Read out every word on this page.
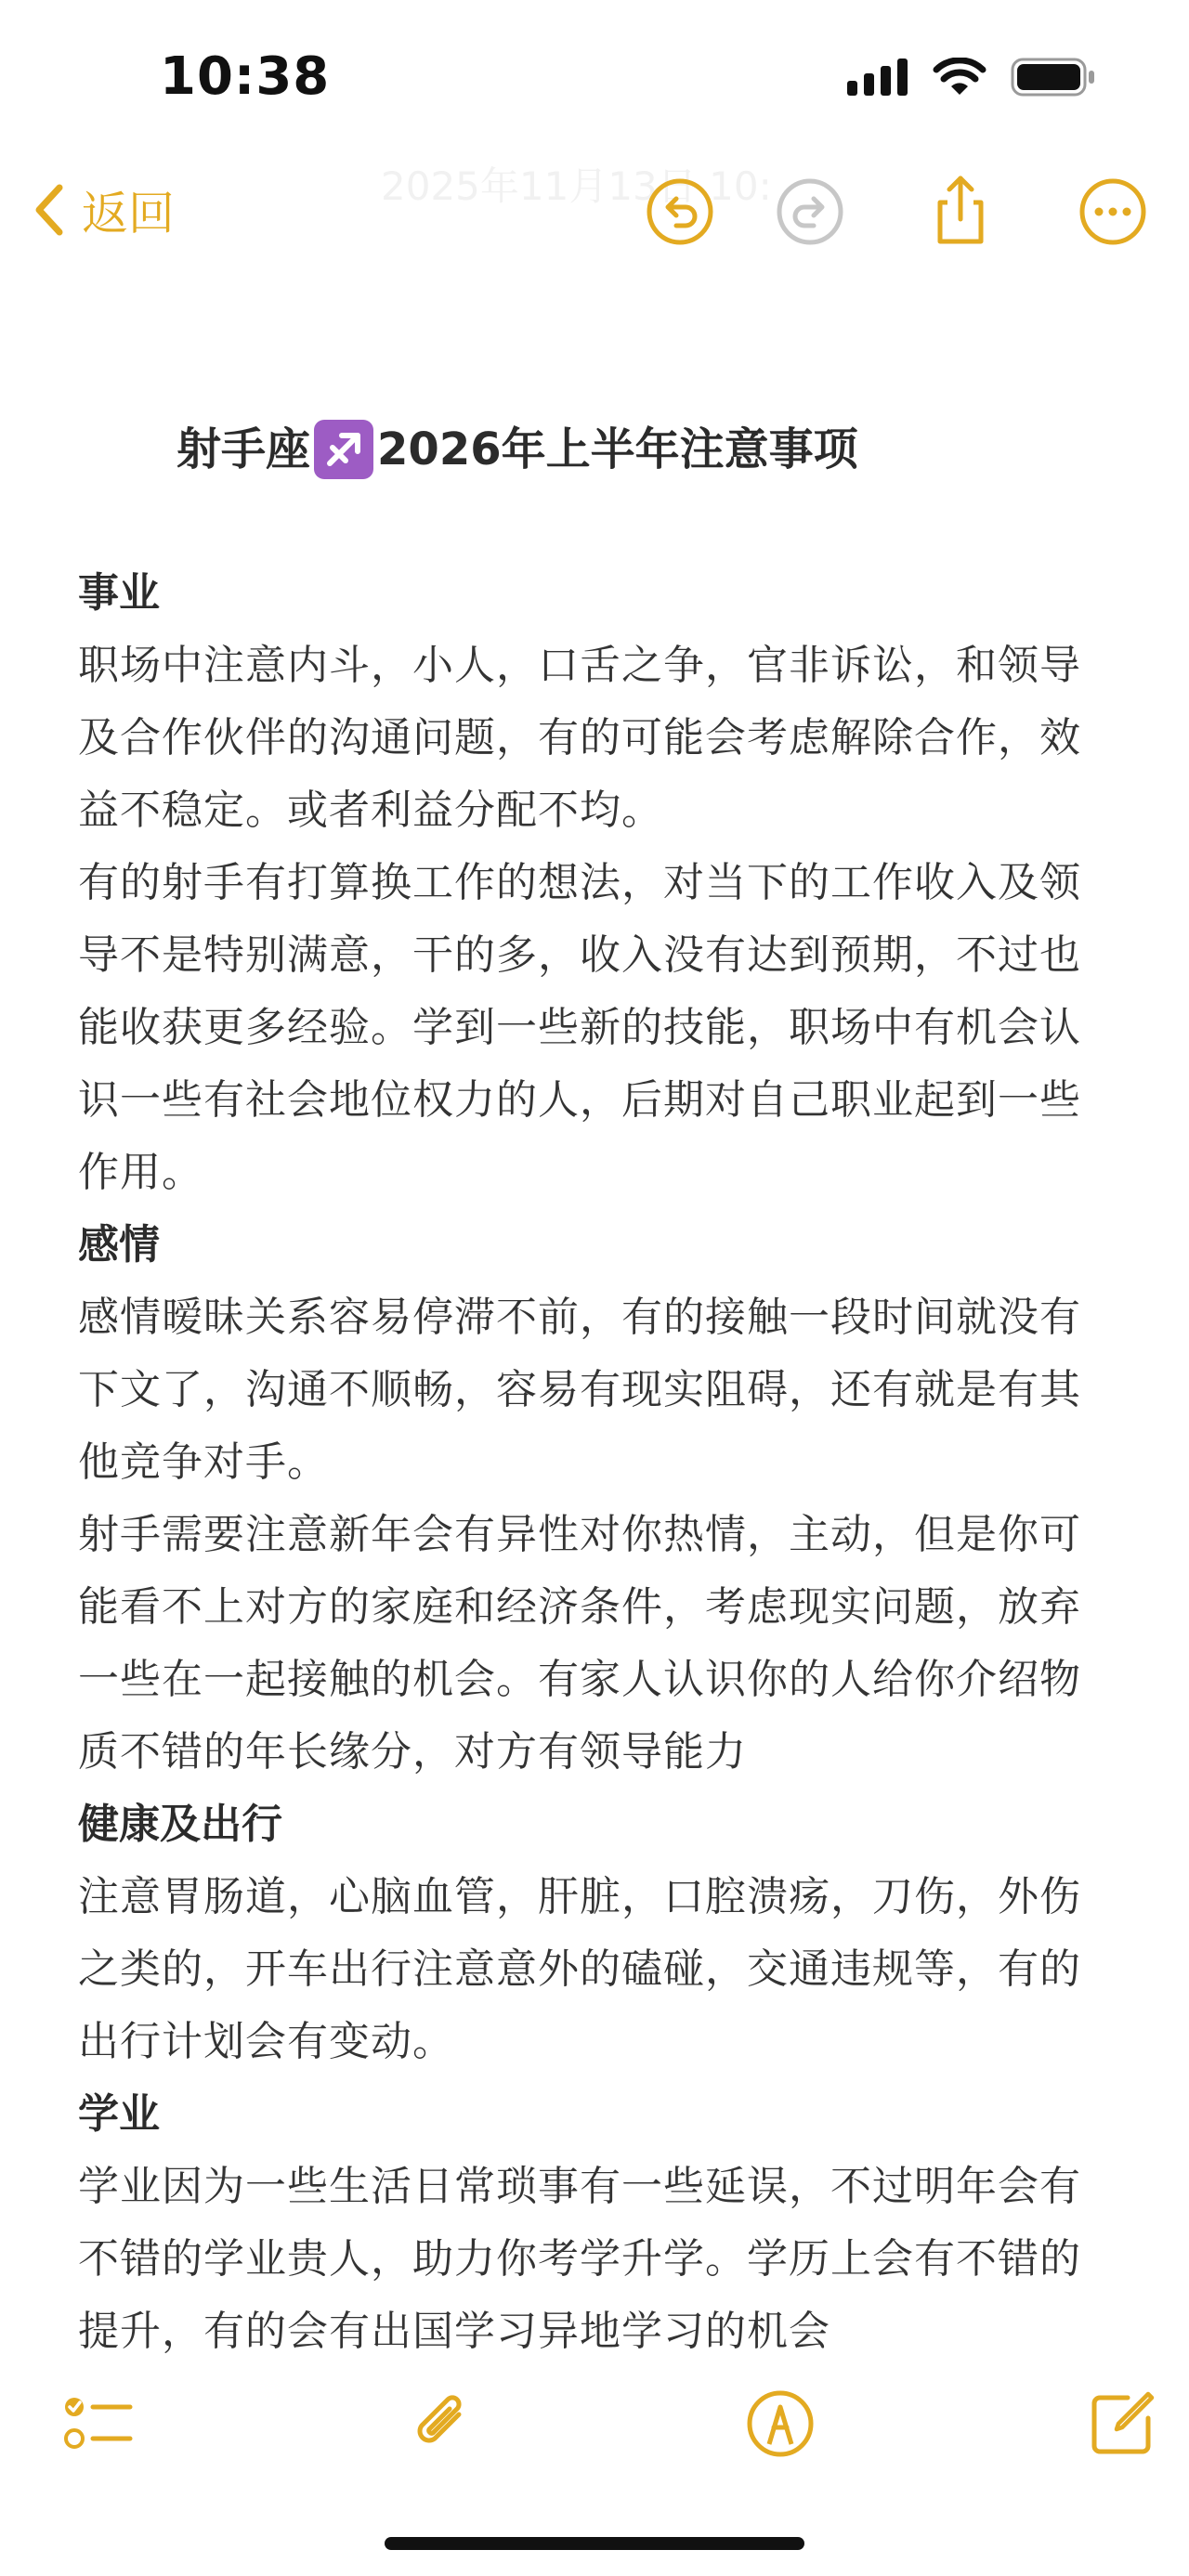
10:38
返回
2025年11月13日 10:
射手座 2026年上半年注意事项
事业
职场中注意内斗，小人，口舌之争，官非诉讼，和领导及合作伙伴的沟通问题，有的可能会考虑解除合作，效益不稳定。或者利益分配不均。
有的射手有打算换工作的想法，对当下的工作收入及领导不是特别满意，干的多，收入没有达到预期，不过也能收获更多经验。学到一些新的技能，职场中有机会认识一些有社会地位权力的人，后期对自己职业起到一些作用。
感情
感情暧昧关系容易停滞不前，有的接触一段时间就没有下文了，沟通不顺畅，容易有现实阻碍，还有就是有其他竞争对手。
射手需要注意新年会有异性对你热情，主动，但是你可能看不上对方的家庭和经济条件，考虑现实问题，放弃一些在一起接触的机会。有家人认识你的人给你介绍物质不错的年长缘分，对方有领导能力
健康及出行
注意胃肠道，心脑血管，肝脏，口腔溃疡，刀伤，外伤之类的，开车出行注意意外的磕碰，交通违规等，有的出行计划会有变动。
学业
学业因为一些生活日常琐事有一些延误，不过明年会有不错的学业贵人，助力你考学升学。学历上会有不错的提升，有的会有出国学习异地学习的机会
